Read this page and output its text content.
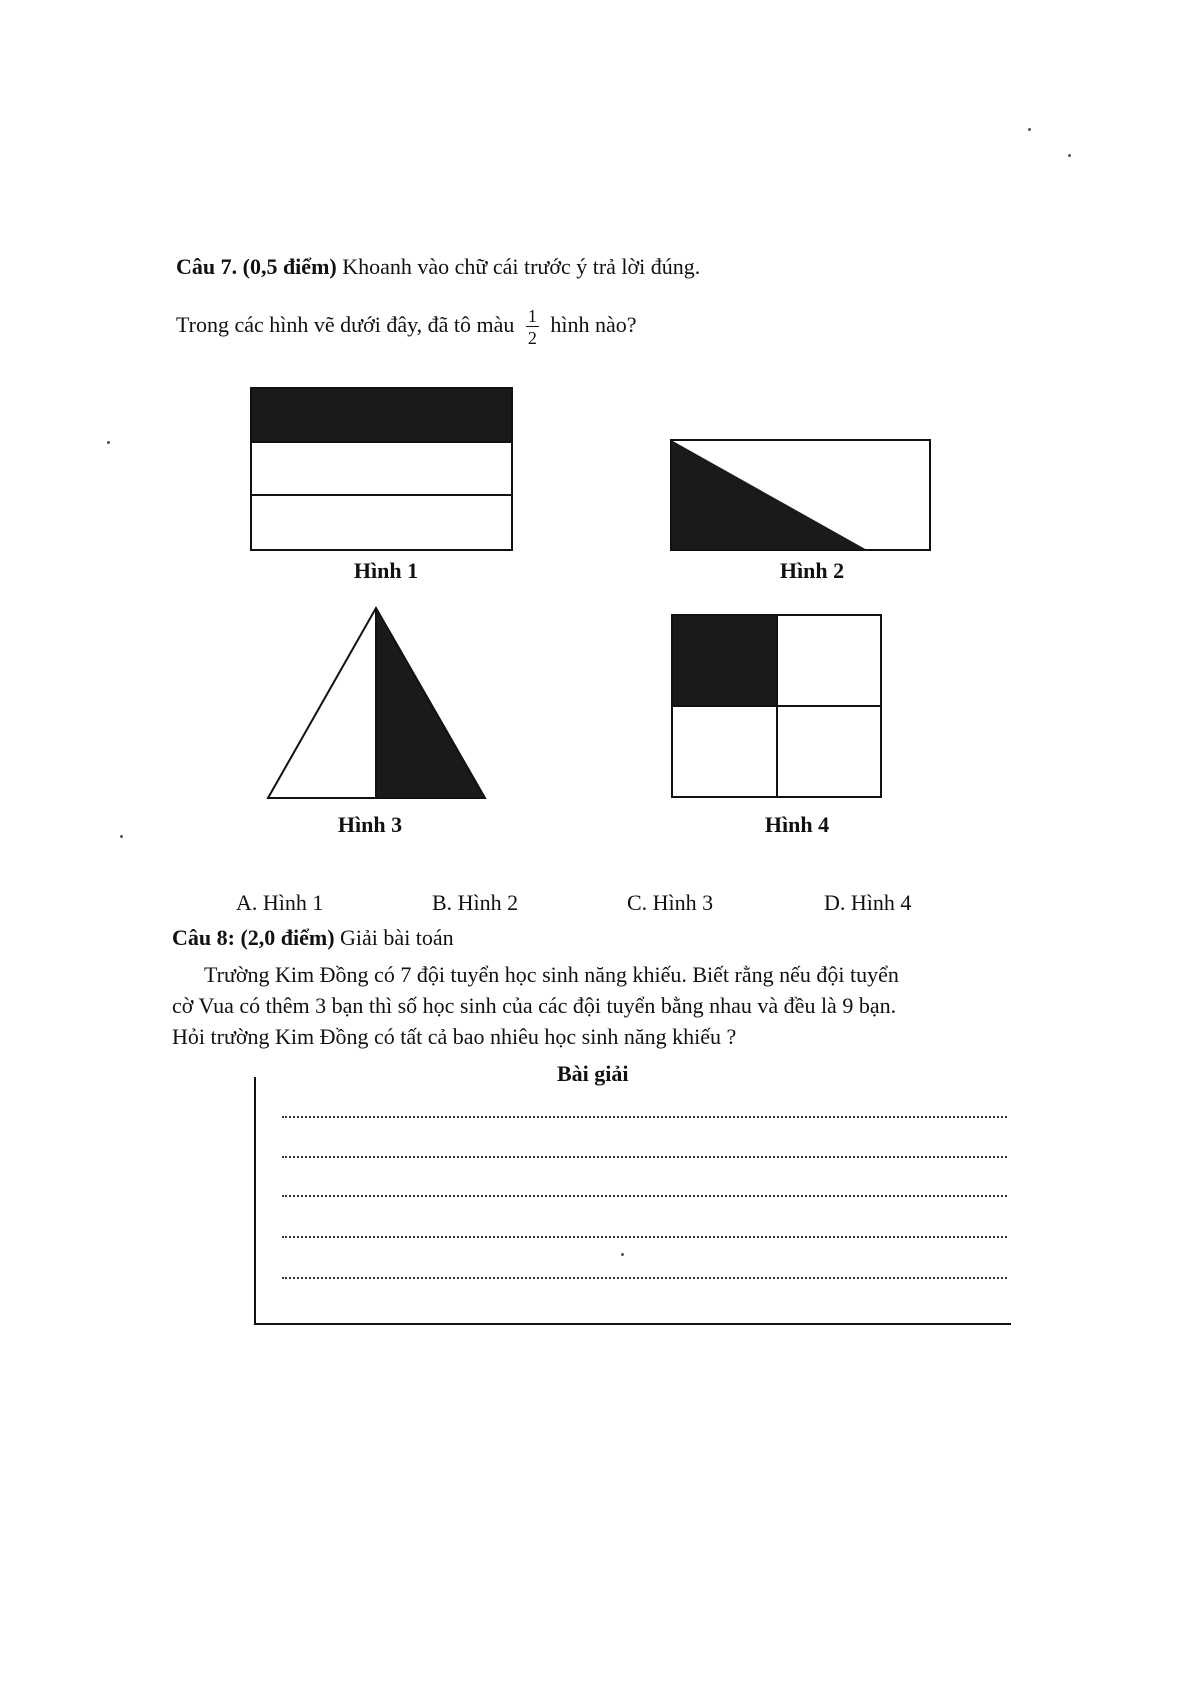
Câu 7. (0,5 điểm) Khoanh vào chữ cái trước ý trả lời đúng.
Trong các hình vẽ dưới đây, đã tô màu $\frac{1}{2}$ hình nào?
Hình 1	Hình 2
Hình 3	Hình 4
A. Hình 1	B. Hình 2	C. Hình 3	D. Hình 4
Câu 8: (2,0 điểm) Giải bài toán
Trường Kim Đồng có 7 đội tuyển học sinh năng khiếu. Biết rằng nếu đội tuyển
cờ Vua có thêm 3 bạn thì số học sinh của các đội tuyển bằng nhau và đều là 9 bạn.
Hỏi trường Kim Đồng có tất cả bao nhiêu học sinh năng khiếu ?
Bài giải
